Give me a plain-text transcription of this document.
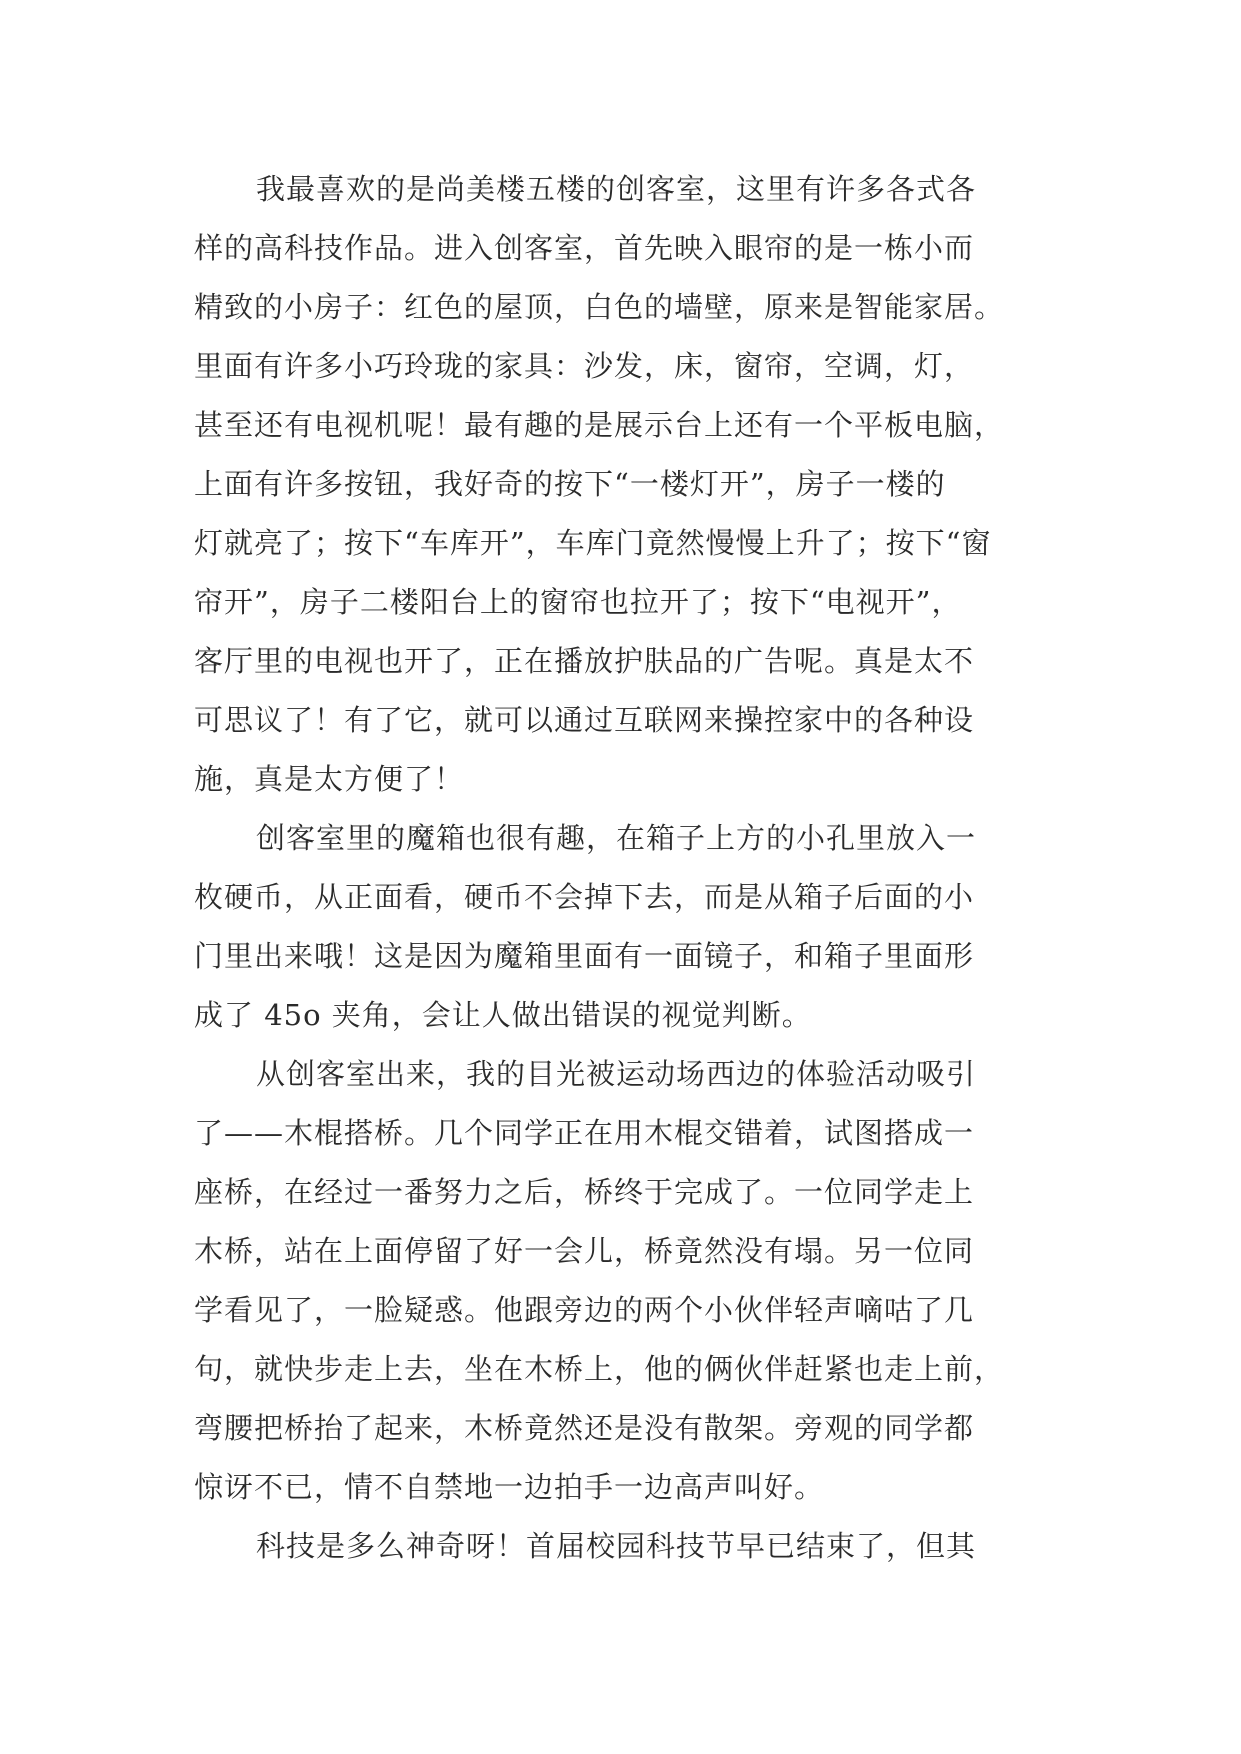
我最喜欢的是尚美楼五楼的创客室，这里有许多各式各
样的高科技作品。进入创客室，首先映入眼帘的是一栋小而
精致的小房子：红色的屋顶，白色的墙壁，原来是智能家居。
里面有许多小巧玲珑的家具：沙发，床，窗帘，空调，灯，
甚至还有电视机呢！最有趣的是展示台上还有一个平板电脑，
上面有许多按钮，我好奇的按下“一楼灯开”，房子一楼的
灯就亮了；按下“车库开”，车库门竟然慢慢上升了；按下“窗
帘开”，房子二楼阳台上的窗帘也拉开了；按下“电视开”，
客厅里的电视也开了，正在播放护肤品的广告呢。真是太不
可思议了！有了它，就可以通过互联网来操控家中的各种设
施，真是太方便了！
创客室里的魔箱也很有趣，在箱子上方的小孔里放入一
枚硬币，从正面看，硬币不会掉下去，而是从箱子后面的小
门里出来哦！这是因为魔箱里面有一面镜子，和箱子里面形
成了 45o 夹角，会让人做出错误的视觉判断。
从创客室出来，我的目光被运动场西边的体验活动吸引
了——木棍搭桥。几个同学正在用木棍交错着，试图搭成一
座桥，在经过一番努力之后，桥终于完成了。一位同学走上
木桥，站在上面停留了好一会儿，桥竟然没有塌。另一位同
学看见了，一脸疑惑。他跟旁边的两个小伙伴轻声嘀咕了几
句，就快步走上去，坐在木桥上，他的俩伙伴赶紧也走上前，
弯腰把桥抬了起来，木桥竟然还是没有散架。旁观的同学都
惊讶不已，情不自禁地一边拍手一边高声叫好。
科技是多么神奇呀！首届校园科技节早已结束了，但其
